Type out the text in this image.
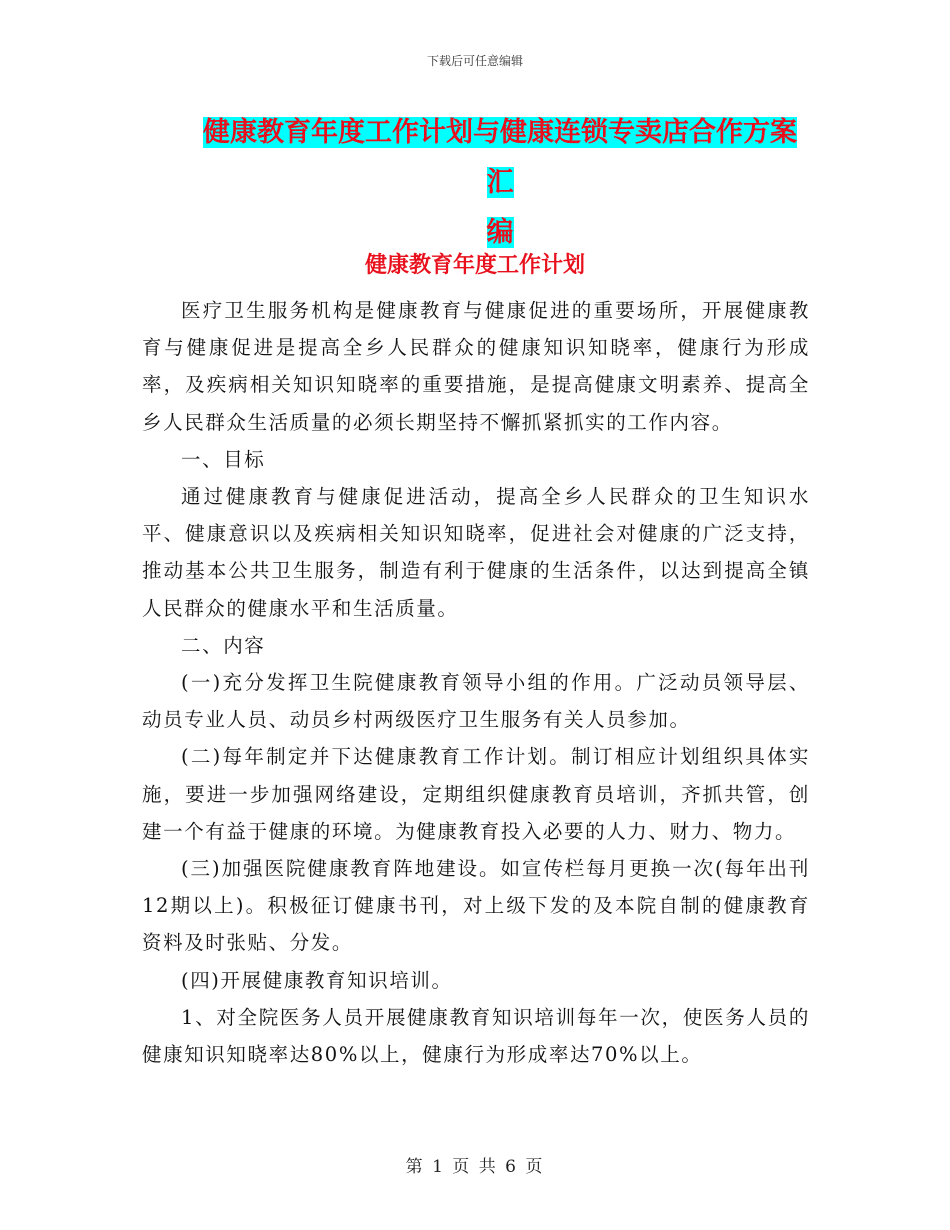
下载后可任意编辑
健康教育年度工作计划与健康连锁专卖店合作方案汇
编
健康教育年度工作计划

医疗卫生服务机构是健康教育与健康促进的重要场所，开展健康教育与健康促进是提高全乡人民群众的健康知识知晓率，健康行为形成率，及疾病相关知识知晓率的重要措施，是提高健康文明素养、提高全乡人民群众生活质量的必须长期坚持不懈抓紧抓实的工作内容。

一、目标

通过健康教育与健康促进活动，提高全乡人民群众的卫生知识水平、健康意识以及疾病相关知识知晓率，促进社会对健康的广泛支持，推动基本公共卫生服务，制造有利于健康的生活条件，以达到提高全镇人民群众的健康水平和生活质量。

二、内容

(一)充分发挥卫生院健康教育领导小组的作用。广泛动员领导层、动员专业人员、动员乡村两级医疗卫生服务有关人员参加。

(二)每年制定并下达健康教育工作计划。制订相应计划组织具体实施，要进一步加强网络建设，定期组织健康教育员培训，齐抓共管，创建一个有益于健康的环境。为健康教育投入必要的人力、财力、物力。

(三)加强医院健康教育阵地建设。如宣传栏每月更换一次(每年出刊12期以上)。积极征订健康书刊，对上级下发的及本院自制的健康教育资料及时张贴、分发。

(四)开展健康教育知识培训。

1、对全院医务人员开展健康教育知识培训每年一次，使医务人员的健康知识知晓率达80%以上，健康行为形成率达70%以上。

第 1 页 共 6 页
